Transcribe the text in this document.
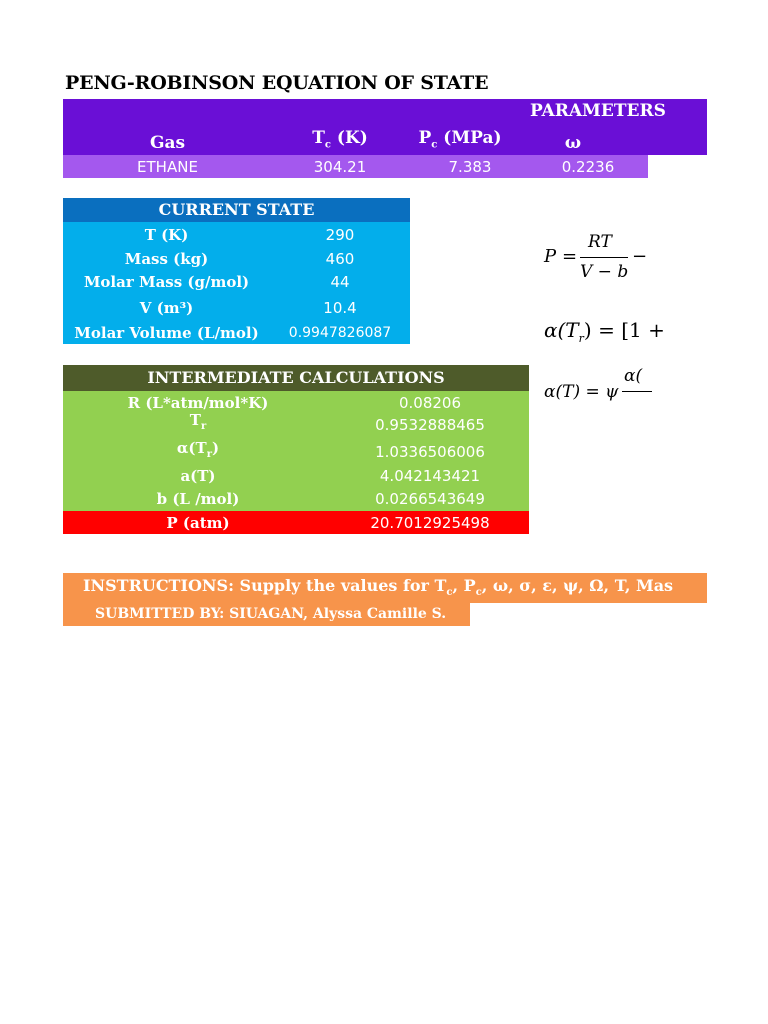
PENG-ROBINSON EQUATION OF STATE
PARAMETERS
Gas	$T_c$ (K)	$P_c$ (MPa)	ω
ETHANE	304.21	7.383	0.2236
CURRENT STATE
T (K)	290
Mass (kg)	460
Molar Mass (g/mol)	44
V (m³)	10.4
Molar Volume (L/mol)	0.9947826087
INTERMEDIATE CALCULATIONS
R (L*atm/mol*K)	0.08206
$T_r$	0.9532888465
$\alpha(T_r)$	1.0336506006
a(T)	4.042143421
b (L /mol)	0.0266543649
P (atm)	20.7012925498
P =
RT
V − b
−
$\alpha(T_r) = [1$ +
α(T) = ψ
α(
INSTRUCTIONS: Supply the values for $T_c$, $P_c$, ω, σ, ε, ψ, Ω, T, Mas
SUBMITTED BY: SIUAGAN, Alyssa Camille S.
